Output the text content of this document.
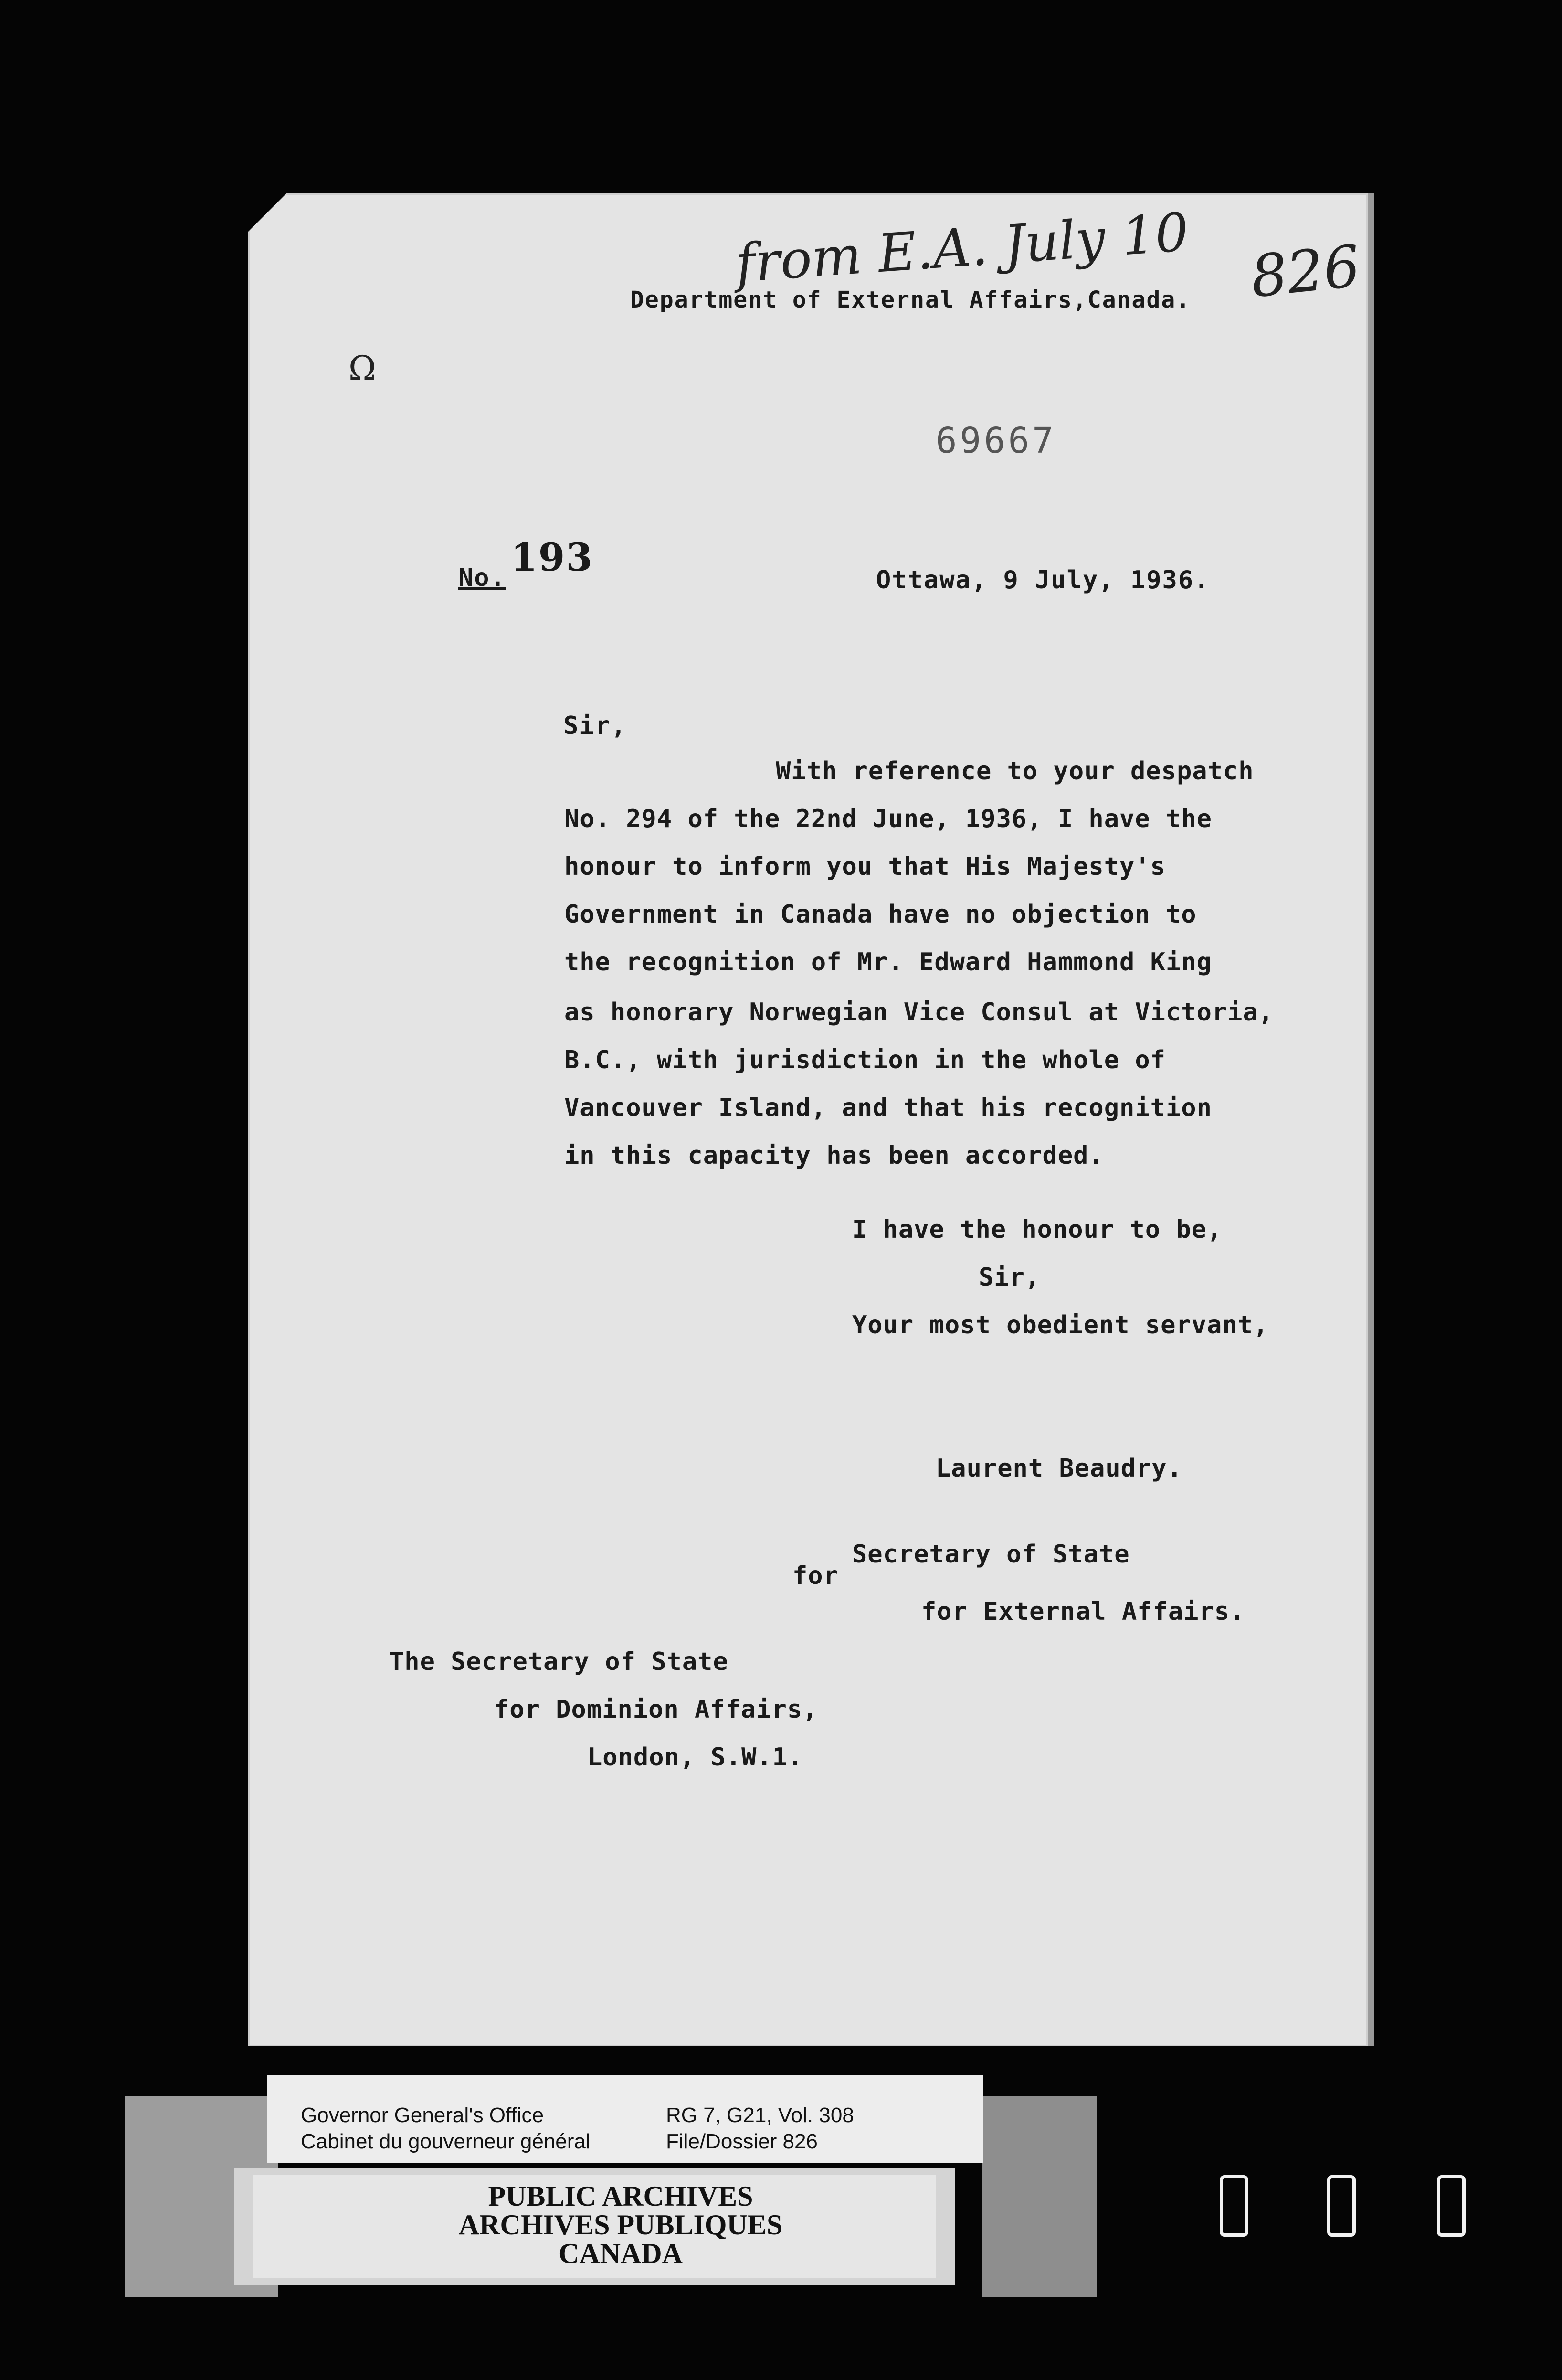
from E.A. July 10 826
Department of External Affairs,Canada.
Ω
69667
No. 193
Ottawa, 9 July, 1936.
Sir,
With reference to your despatch
No. 294 of the 22nd June, 1936, I have the
honour to inform you that His Majesty's
Government in Canada have no objection to
the recognition of Mr. Edward Hammond King
as honorary Norwegian Vice Consul at Victoria,
B.C., with jurisdiction in the whole of
Vancouver Island, and that his recognition
in this capacity has been accorded.
I have the honour to be,
Sir,
Your most obedient servant,
Laurent Beaudry.
for
Secretary of State
for External Affairs.
The Secretary of State
for Dominion Affairs,
London, S.W.1.
Governor General's Office
Cabinet du gouverneur général
RG 7, G21, Vol. 308
File/Dossier 826
PUBLIC ARCHIVES
ARCHIVES PUBLIQUES
CANADA
